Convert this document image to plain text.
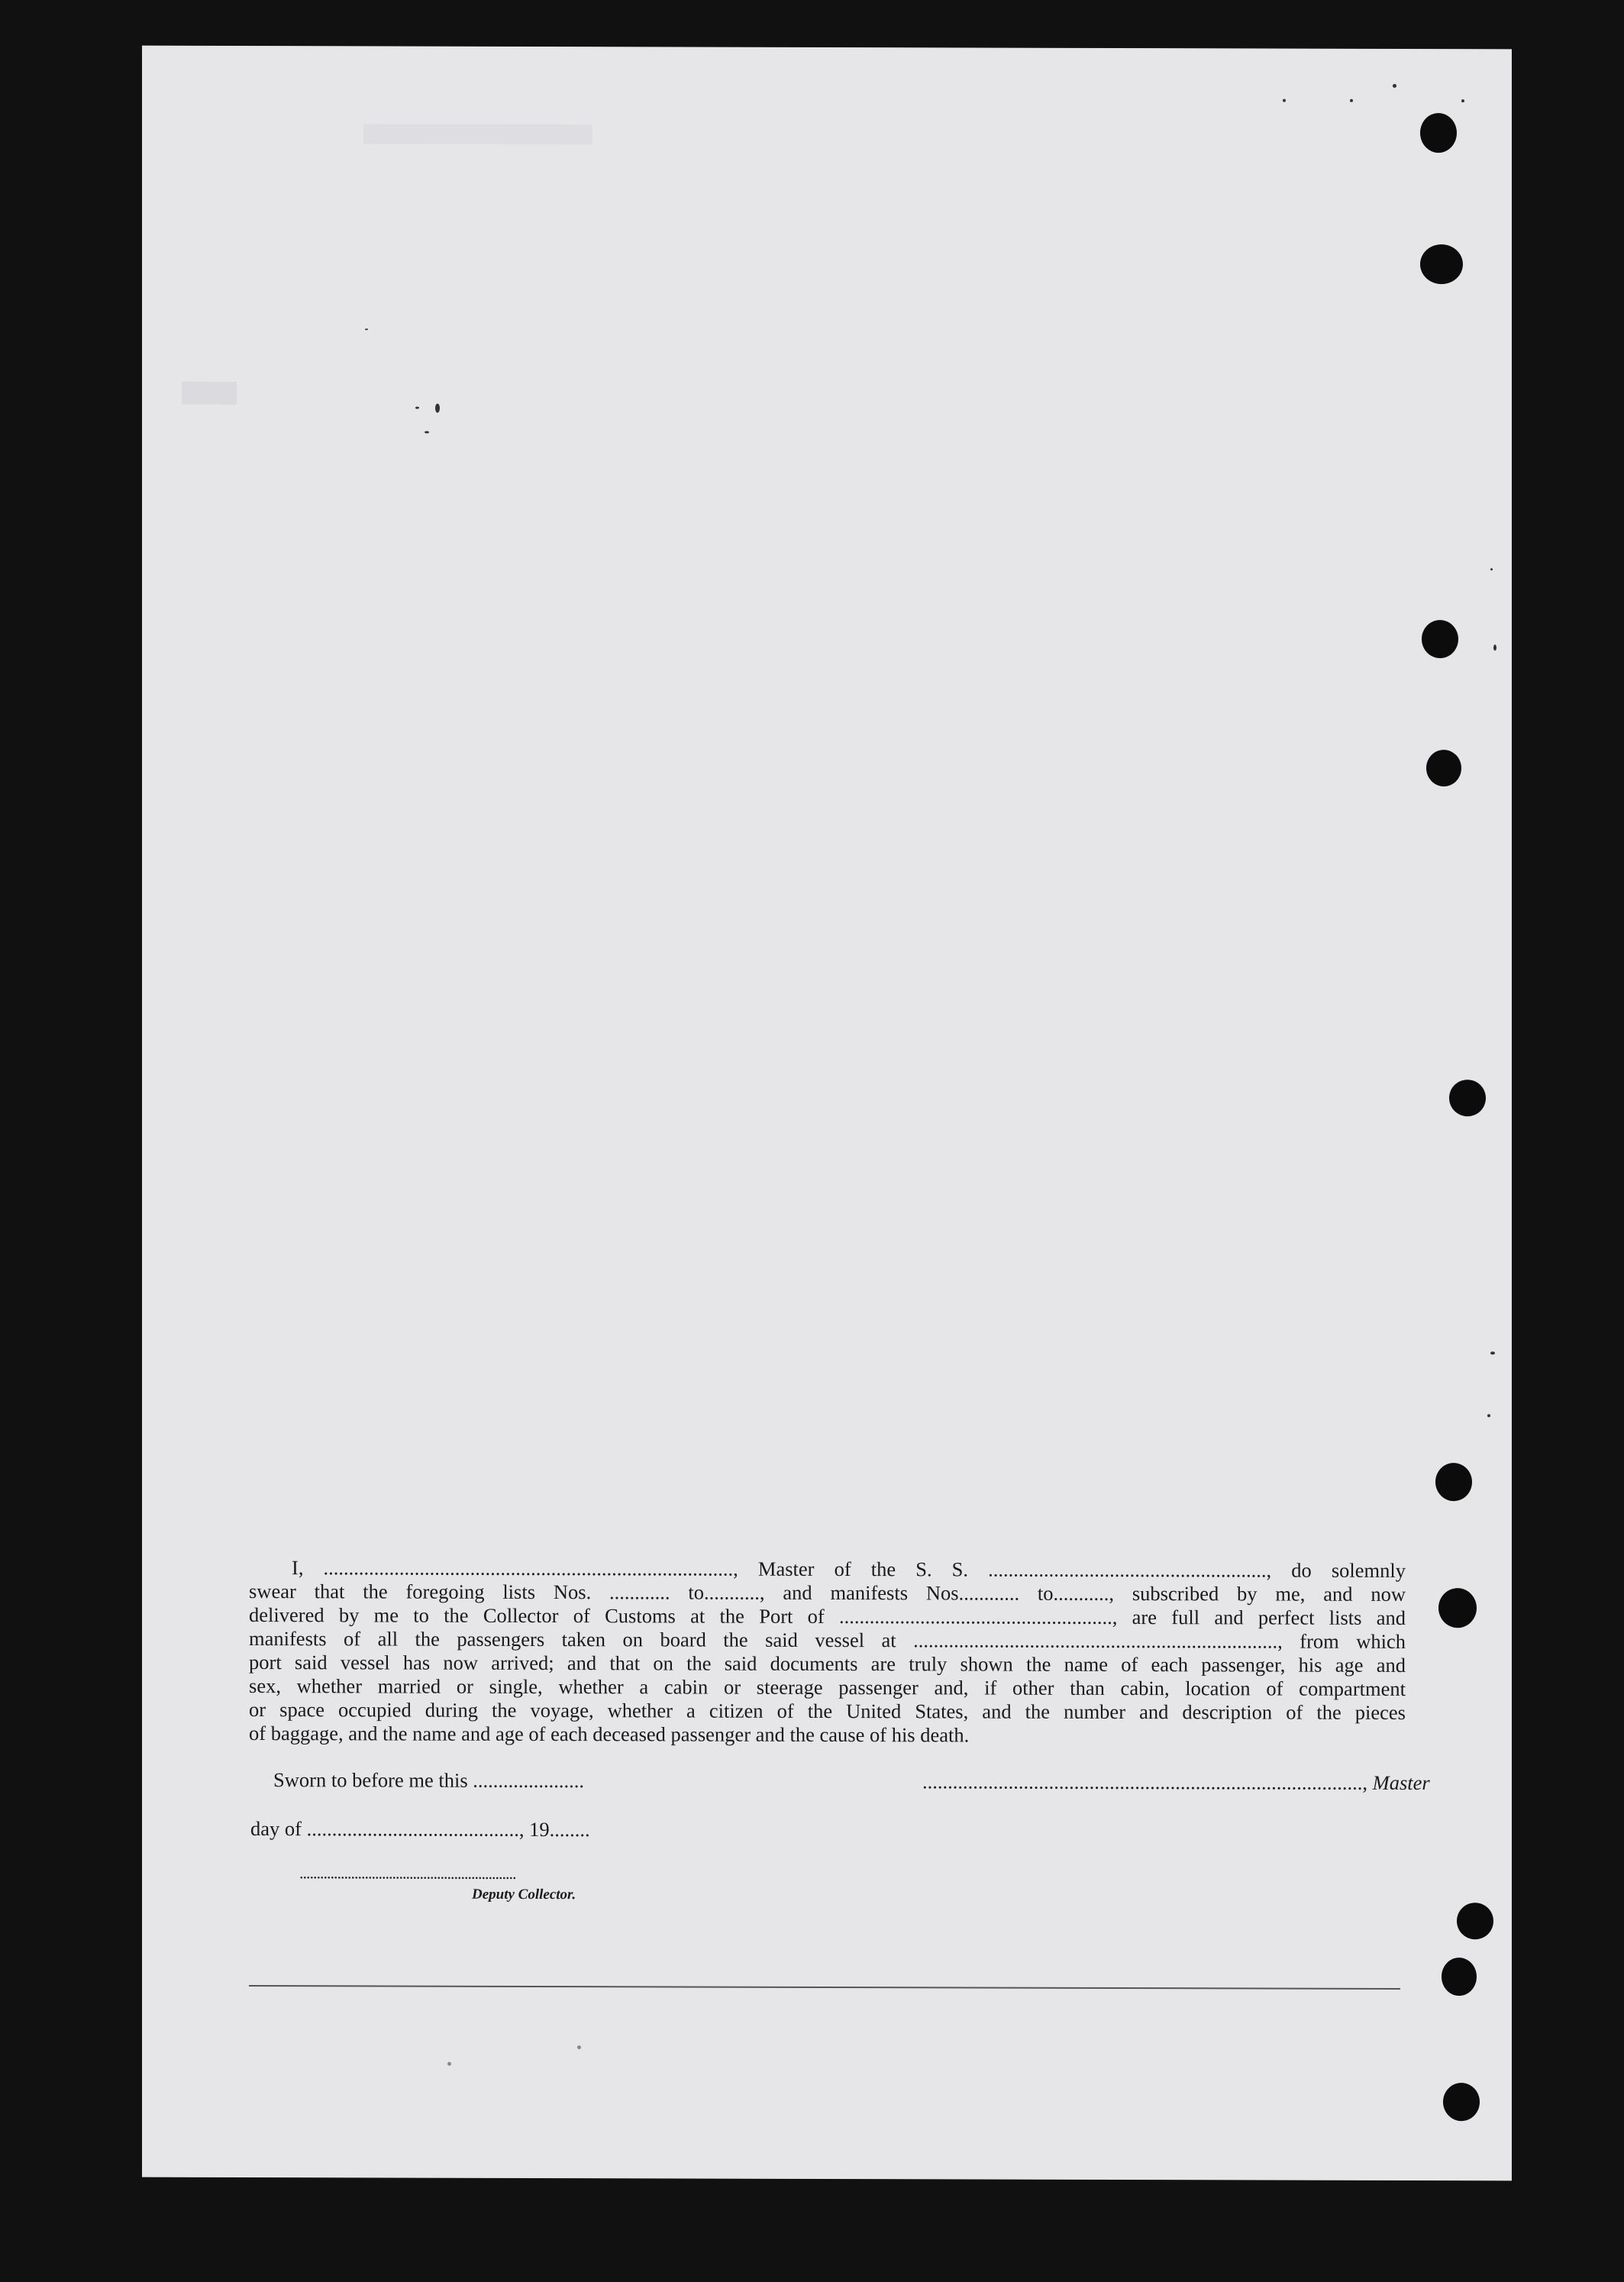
I, ................................................................................., Master of the S. S. ......................................................., do solemnly
swear that the foregoing lists Nos. ............ to..........., and manifests Nos............ to..........., subscribed by me, and now
delivered by me to the Collector of Customs at the Port of ......................................................, are full and perfect lists and
manifests of all the passengers taken on board the said vessel at ........................................................................, from which
port said vessel has now arrived; and that on the said documents are truly shown the name of each passenger, his age and
sex, whether married or single, whether a cabin or steerage passenger and, if other than cabin, location of compartment
or space occupied during the voyage, whether a citizen of the United States, and the number and description of the pieces
of baggage, and the name and age of each deceased passenger and the cause of his death.
Sworn to before me this ......................	......................................................................................., Master
day of .........................................., 19........
...............................................................
Deputy Collector.
